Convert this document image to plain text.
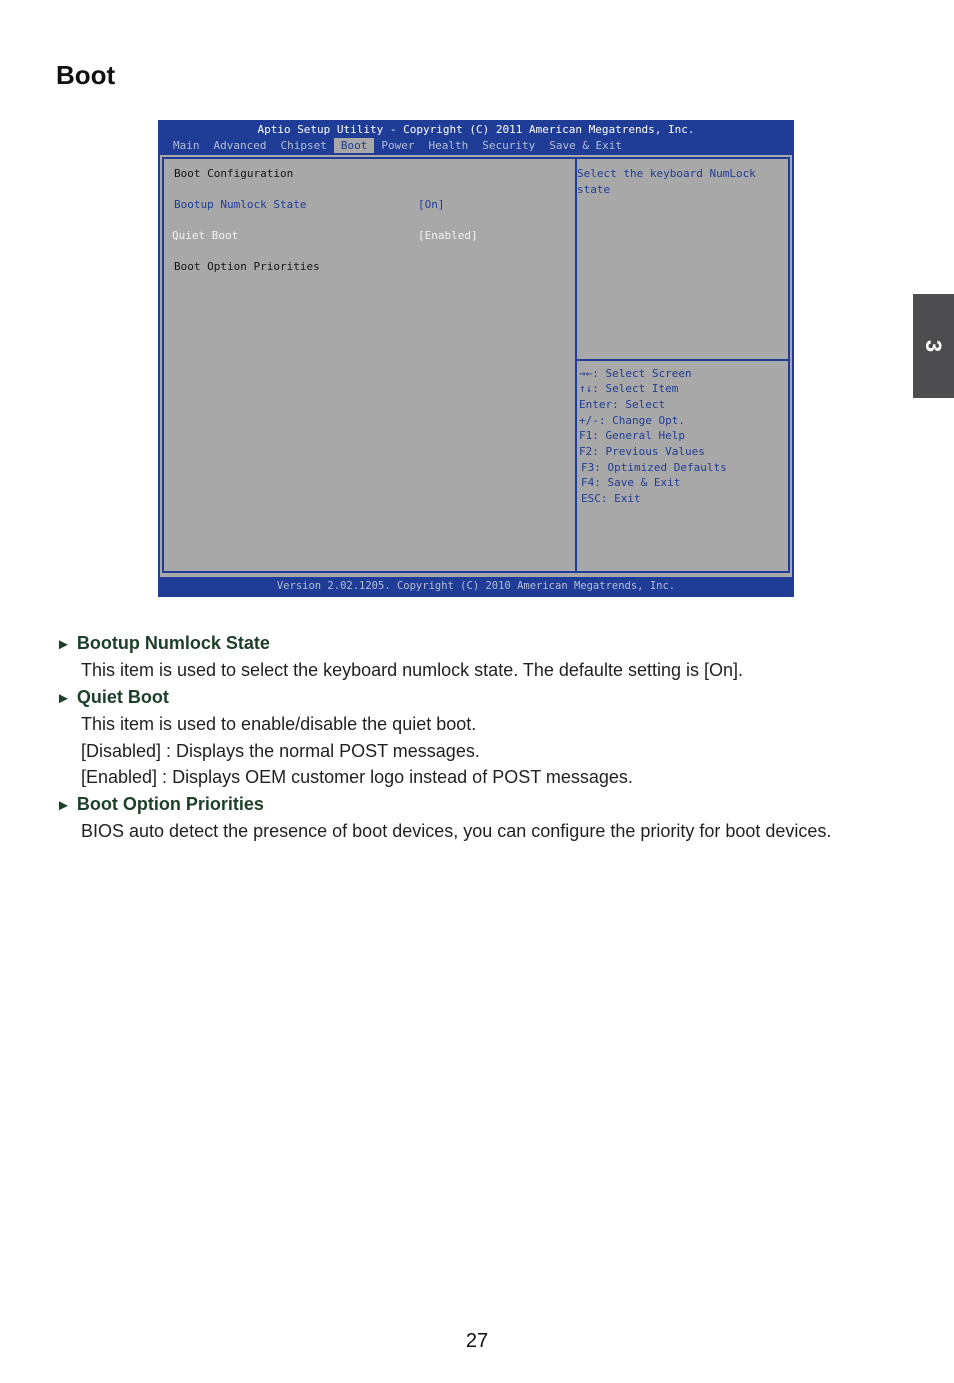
Boot
3
Aptio Setup Utility - Copyright (C) 2011 American Megatrends, Inc.
Main	Advanced	Chipset	Boot	Power	Health	Security	Save & Exit
Boot Configuration
Bootup Numlock State	[On]
Quiet Boot	[Enabled]
Boot Option Priorities
Select the keyboard NumLock
state
→←: Select Screen
↑↓: Select Item
Enter: Select
+/-: Change Opt.
F1: General Help
F2: Previous Values
F3: Optimized Defaults
F4: Save & Exit
ESC: Exit
Version 2.02.1205. Copyright (C) 2010 American Megatrends, Inc.
► Bootup Numlock State
This item is used to select the keyboard numlock state. The defaulte setting is [On].
► Quiet Boot
This item is used to enable/disable the quiet boot.
[Disabled] : Displays the normal POST messages.
[Enabled] : Displays OEM customer logo instead of POST messages.
► Boot Option Priorities
BIOS auto detect the presence of boot devices, you can configure the priority for boot devices.
27
